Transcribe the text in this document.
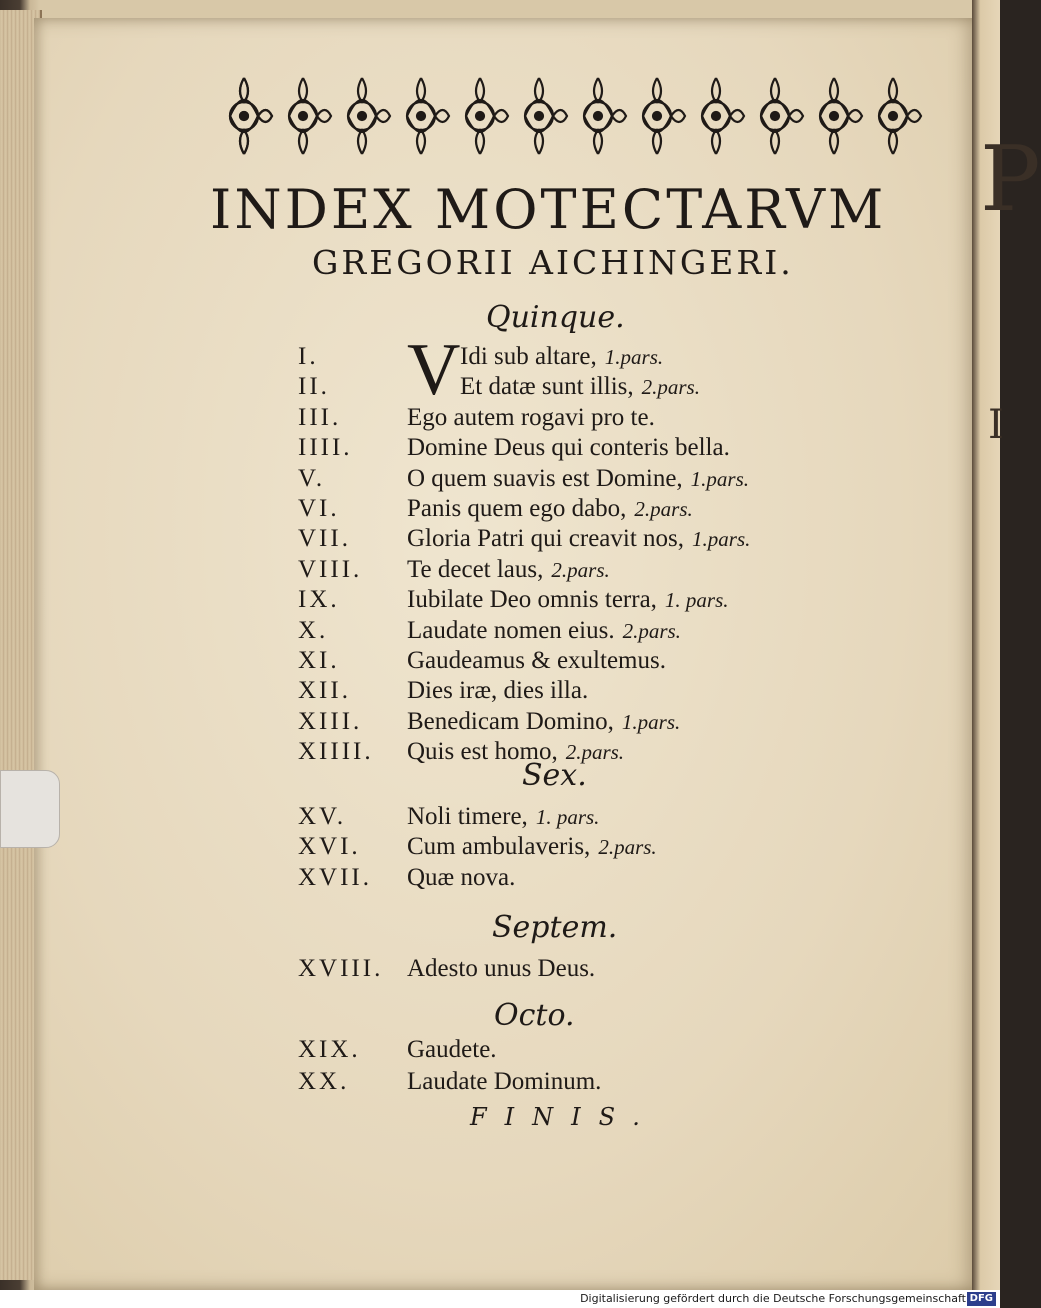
P
I
INDEX MOTECTARVM
GREGORII AICHINGERI.
Quinque.
I.	Idi sub altare, 1.pars.
II.	Et datæ sunt illis, 2.pars.
III.	Ego autem rogavi pro te.
IIII. Domine Deus qui conteris bella.
V.	O quem suavis est Domine, 1.pars.
VI.	Panis quem ego dabo, 2.pars.
VII. Gloria Patri qui creavit nos, 1.pars.
VIII. Te decet laus, 2.pars.
IX.	Iubilate Deo omnis terra, 1. pars.
X.	Laudate nomen eius. 2.pars.
XI.	Gaudeamus & exultemus.
XII. Dies iræ, dies illa.
XIII. Benedicam Domino, 1.pars.
XIIII. Quis est homo, 2.pars.
Sex.
XV. Noli timere, 1. pars.
XVI. Cum ambulaveris, 2.pars.
XVII. Quæ nova.
Septem.
XVIII. Adesto unus Deus.
Octo.
XIX. Gaudete.
XX. Laudate Dominum.
V
FINIS.
Digitalisierung gefördert durch die Deutsche Forschungsgemeinschaft DFG
